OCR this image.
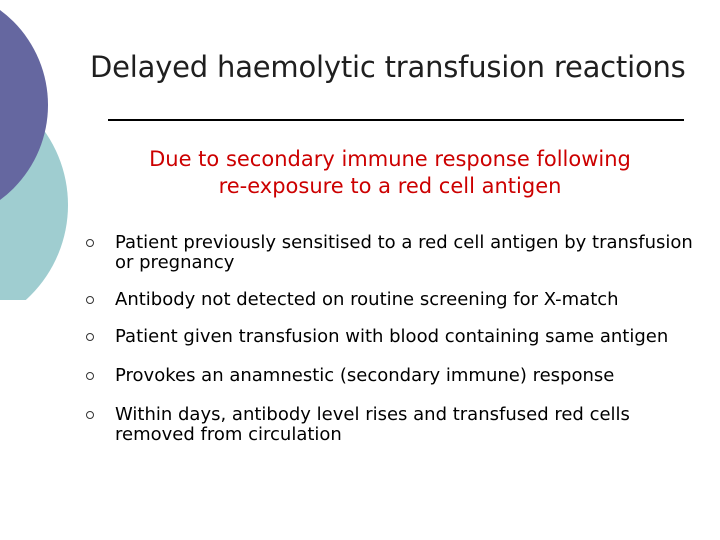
Delayed haemolytic transfusion reactions
Due to secondary immune response following
re-exposure to a red cell antigen
Patient previously sensitised to a red cell antigen by transfusion or pregnancy
Antibody not detected on routine screening for X-match
Patient given transfusion with blood containing same antigen
Provokes an anamnestic (secondary immune) response
Within days, antibody level rises and transfused red cells removed from circulation
